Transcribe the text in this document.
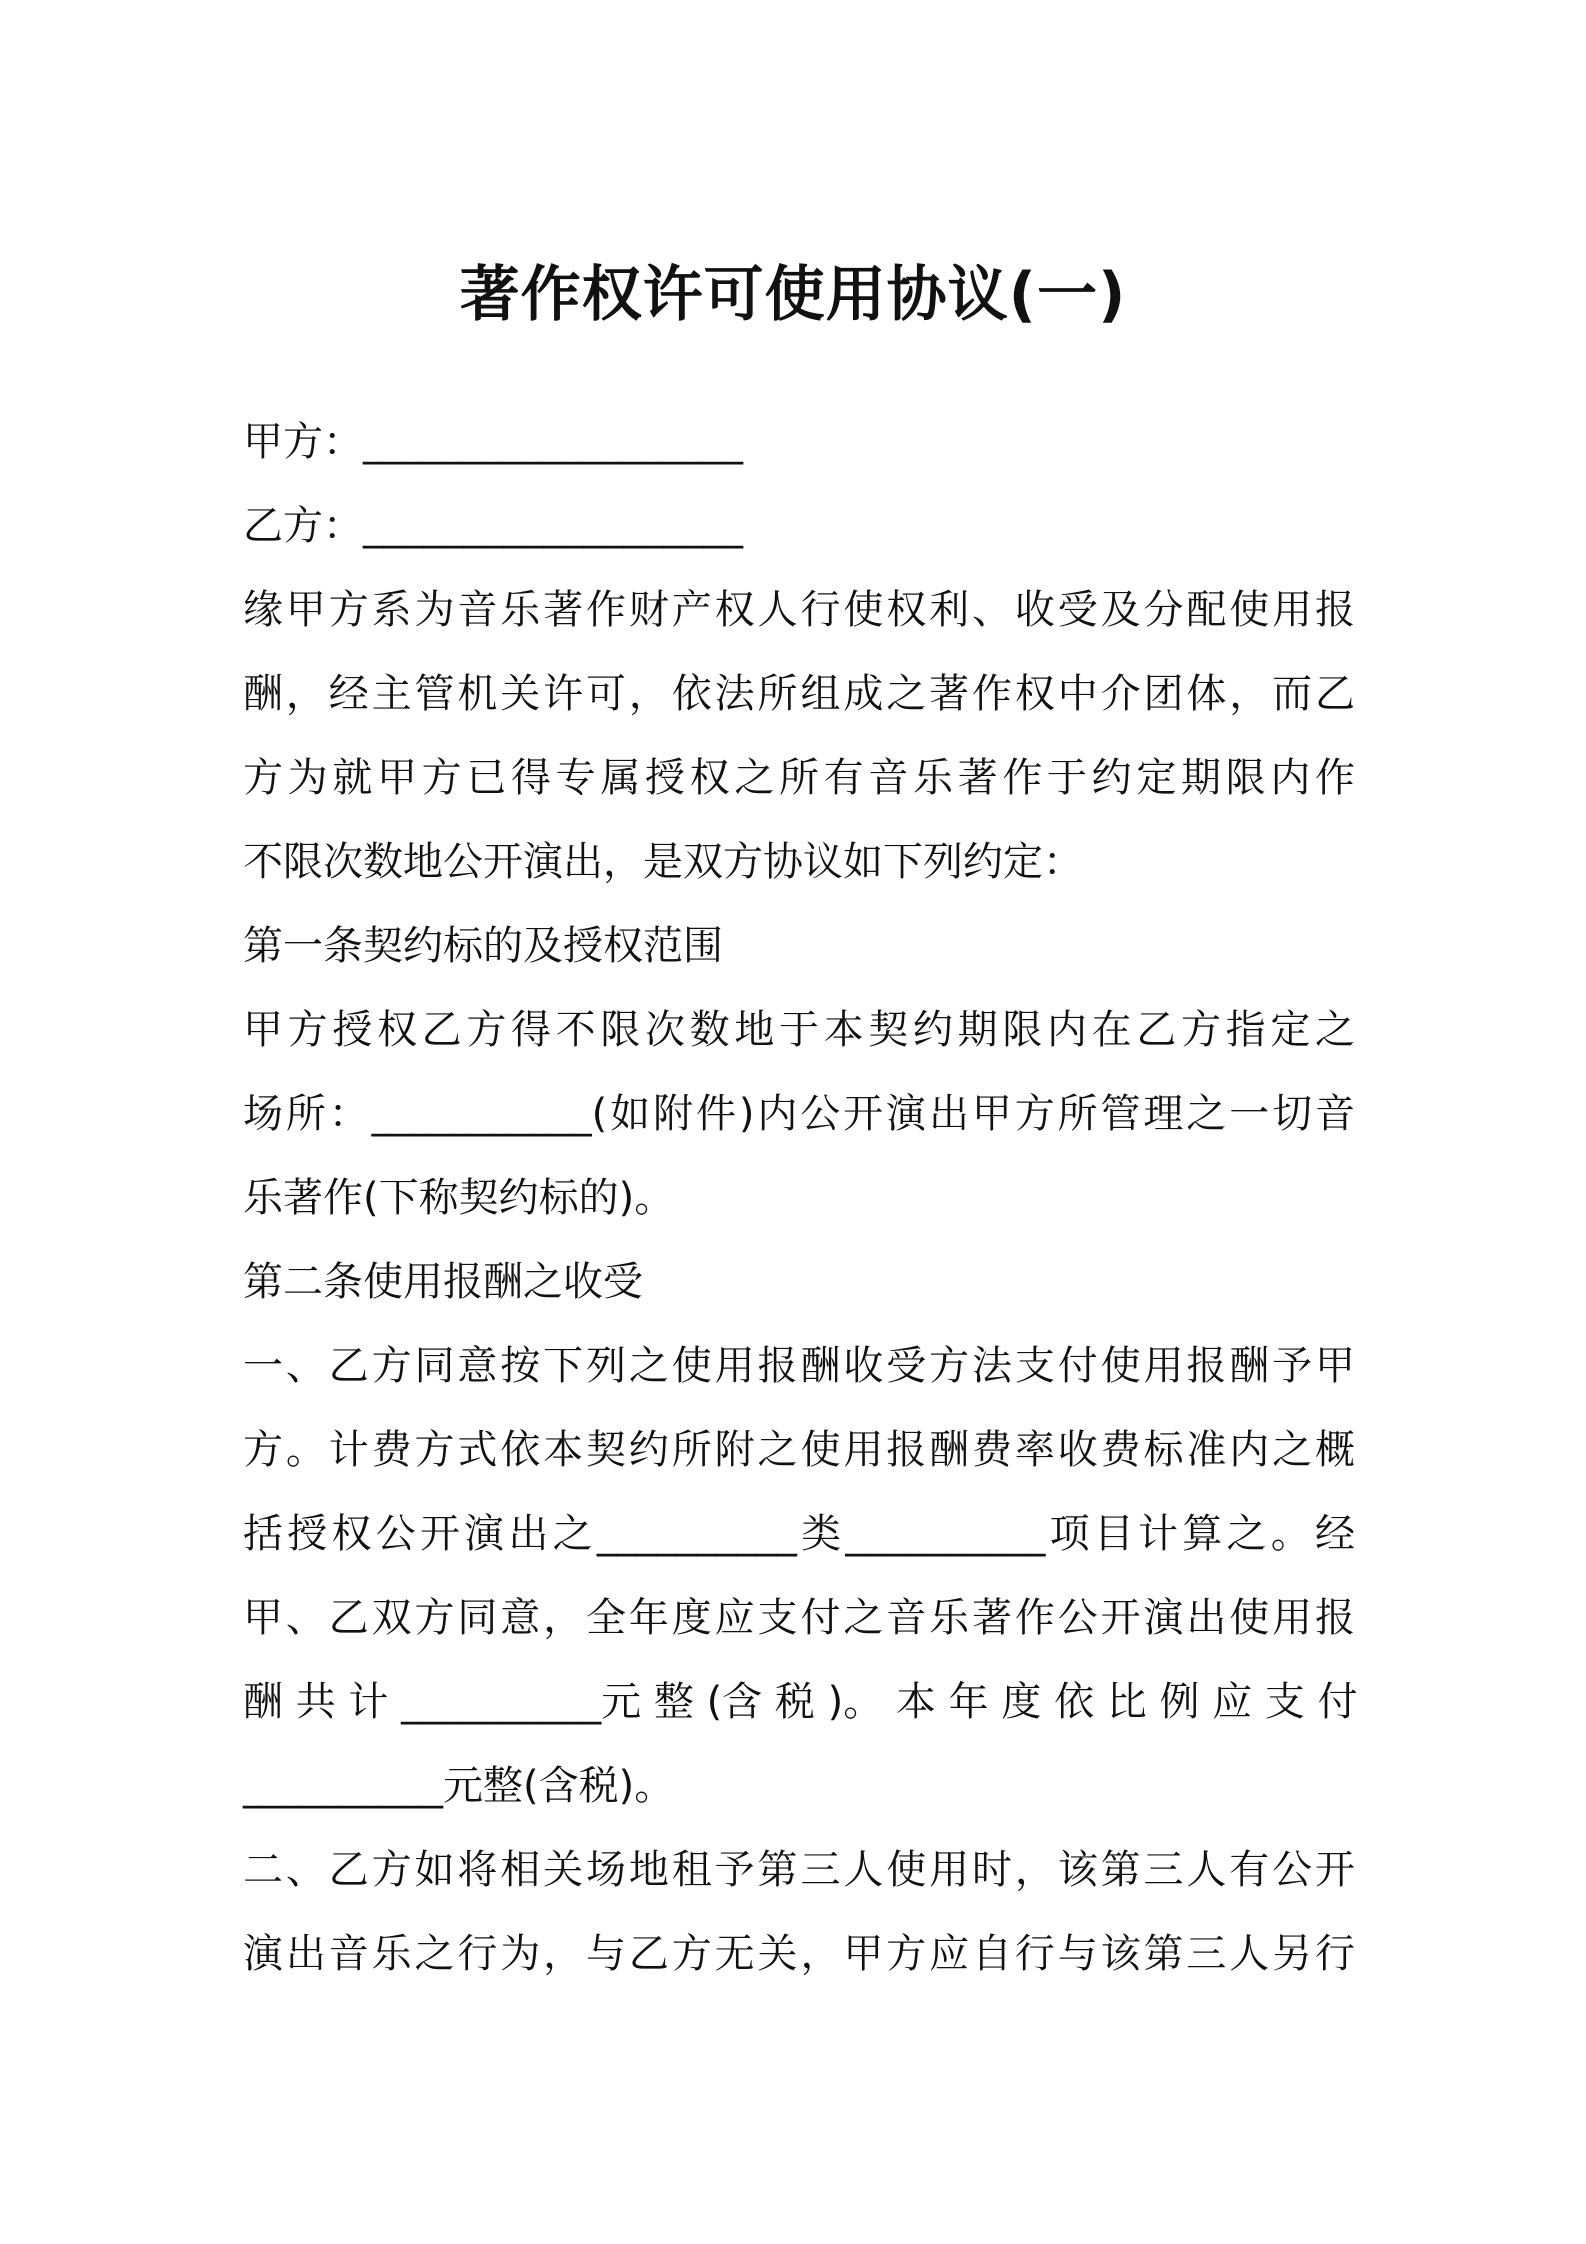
著作权许可使用协议(一)
甲方：___________________
乙方：___________________
缘甲方系为音乐著作财产权人行使权利、收受及分配使用报
酬，经主管机关许可，依法所组成之著作权中介团体，而乙
方为就甲方已得专属授权之所有音乐著作于约定期限内作
不限次数地公开演出，是双方协议如下列约定：
第一条契约标的及授权范围
甲方授权乙方得不限次数地于本契约期限内在乙方指定之
场所：___________(如附件)内公开演出甲方所管理之一切音
乐著作(下称契约标的)。
第二条使用报酬之收受
一、乙方同意按下列之使用报酬收受方法支付使用报酬予甲
方。计费方式依本契约所附之使用报酬费率收费标准内之概
括授权公开演出之__________类__________项目计算之。经
甲、乙双方同意，全年度应支付之音乐著作公开演出使用报
酬 共 计 __________元 整 (含 税 )。 本 年 度 依 比 例 应 支 付
__________元整(含税)。
二、乙方如将相关场地租予第三人使用时，该第三人有公开
演出音乐之行为，与乙方无关，甲方应自行与该第三人另行
